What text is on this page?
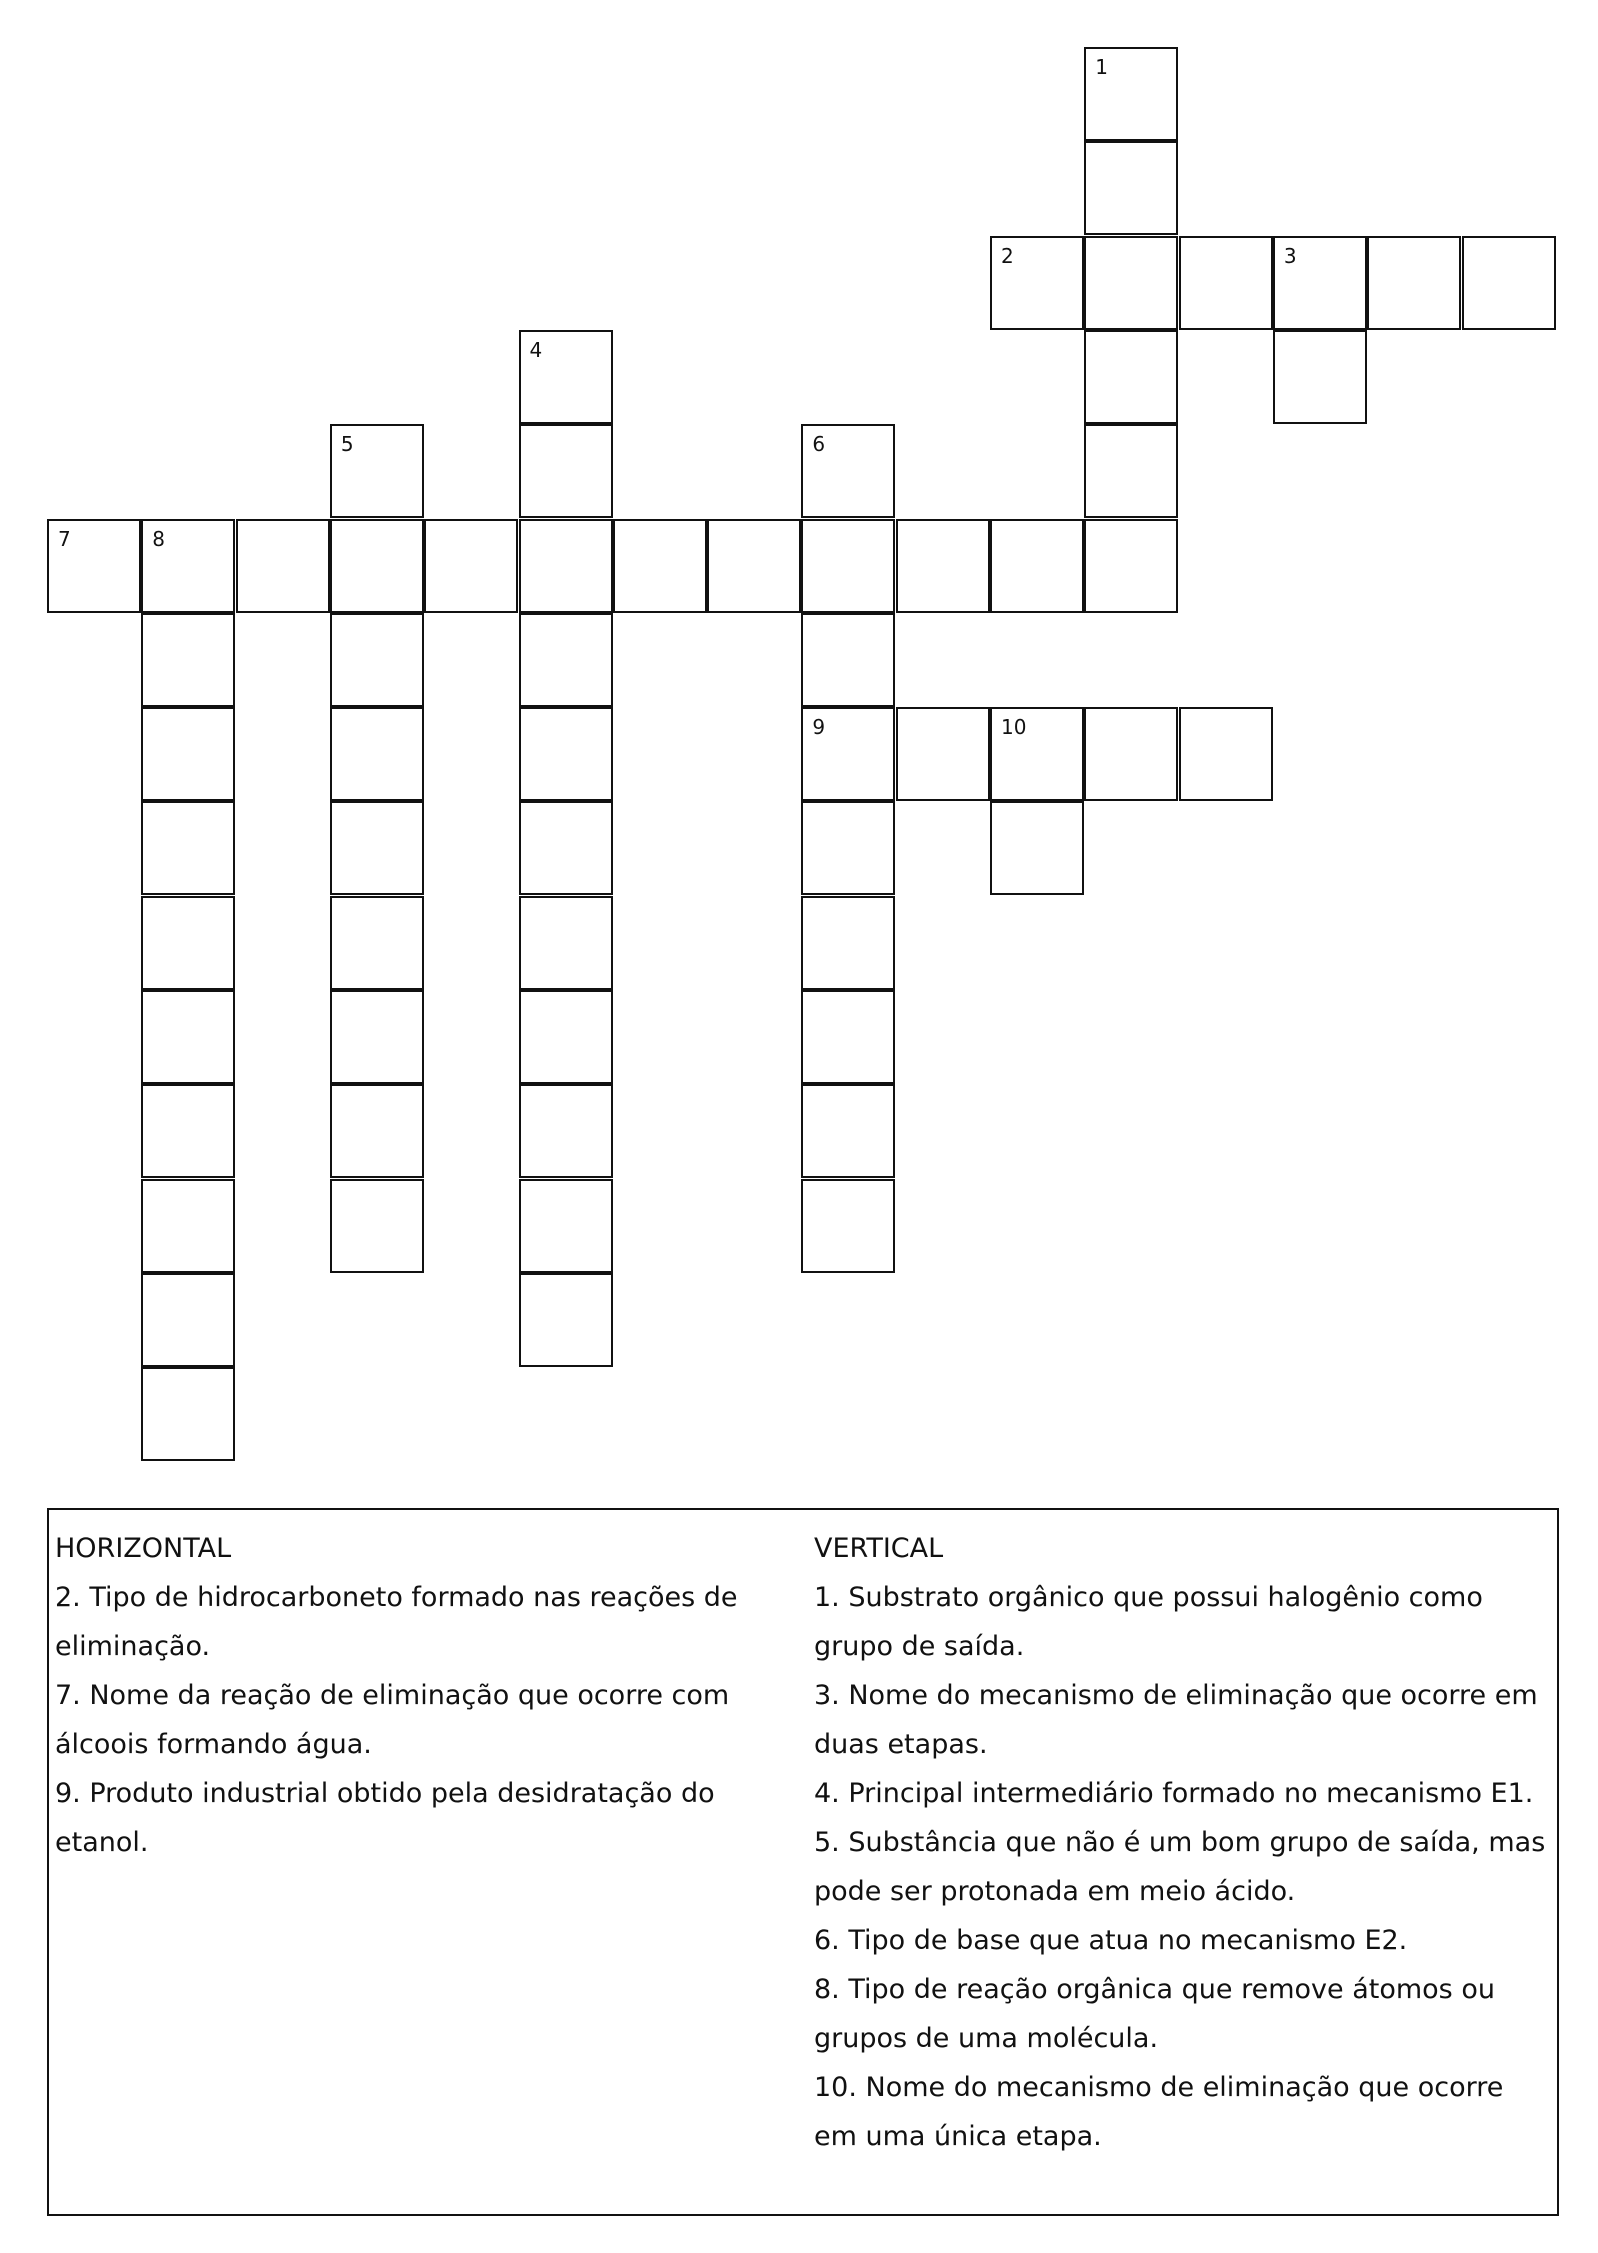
1
2	3
4
5	6
9
7	8
10

HORIZONTAL

2. Tipo de hidrocarboneto formado nas reações de eliminação.

7. Nome da reação de eliminação que ocorre com álcoois formando água.

9. Produto industrial obtido pela desidratação do etanol.

VERTICAL

1. Substrato orgânico que possui halogênio como grupo de saída.

3. Nome do mecanismo de eliminação que ocorre em duas etapas.

4. Principal intermediário formado no mecanismo E1.

5. Substância que não é um bom grupo de saída, mas pode ser protonada em meio ácido.

6. Tipo de base que atua no mecanismo E2.

8. Tipo de reação orgânica que remove átomos ou grupos de uma molécula.

10. Nome do mecanismo de eliminação que ocorre em uma única etapa.
